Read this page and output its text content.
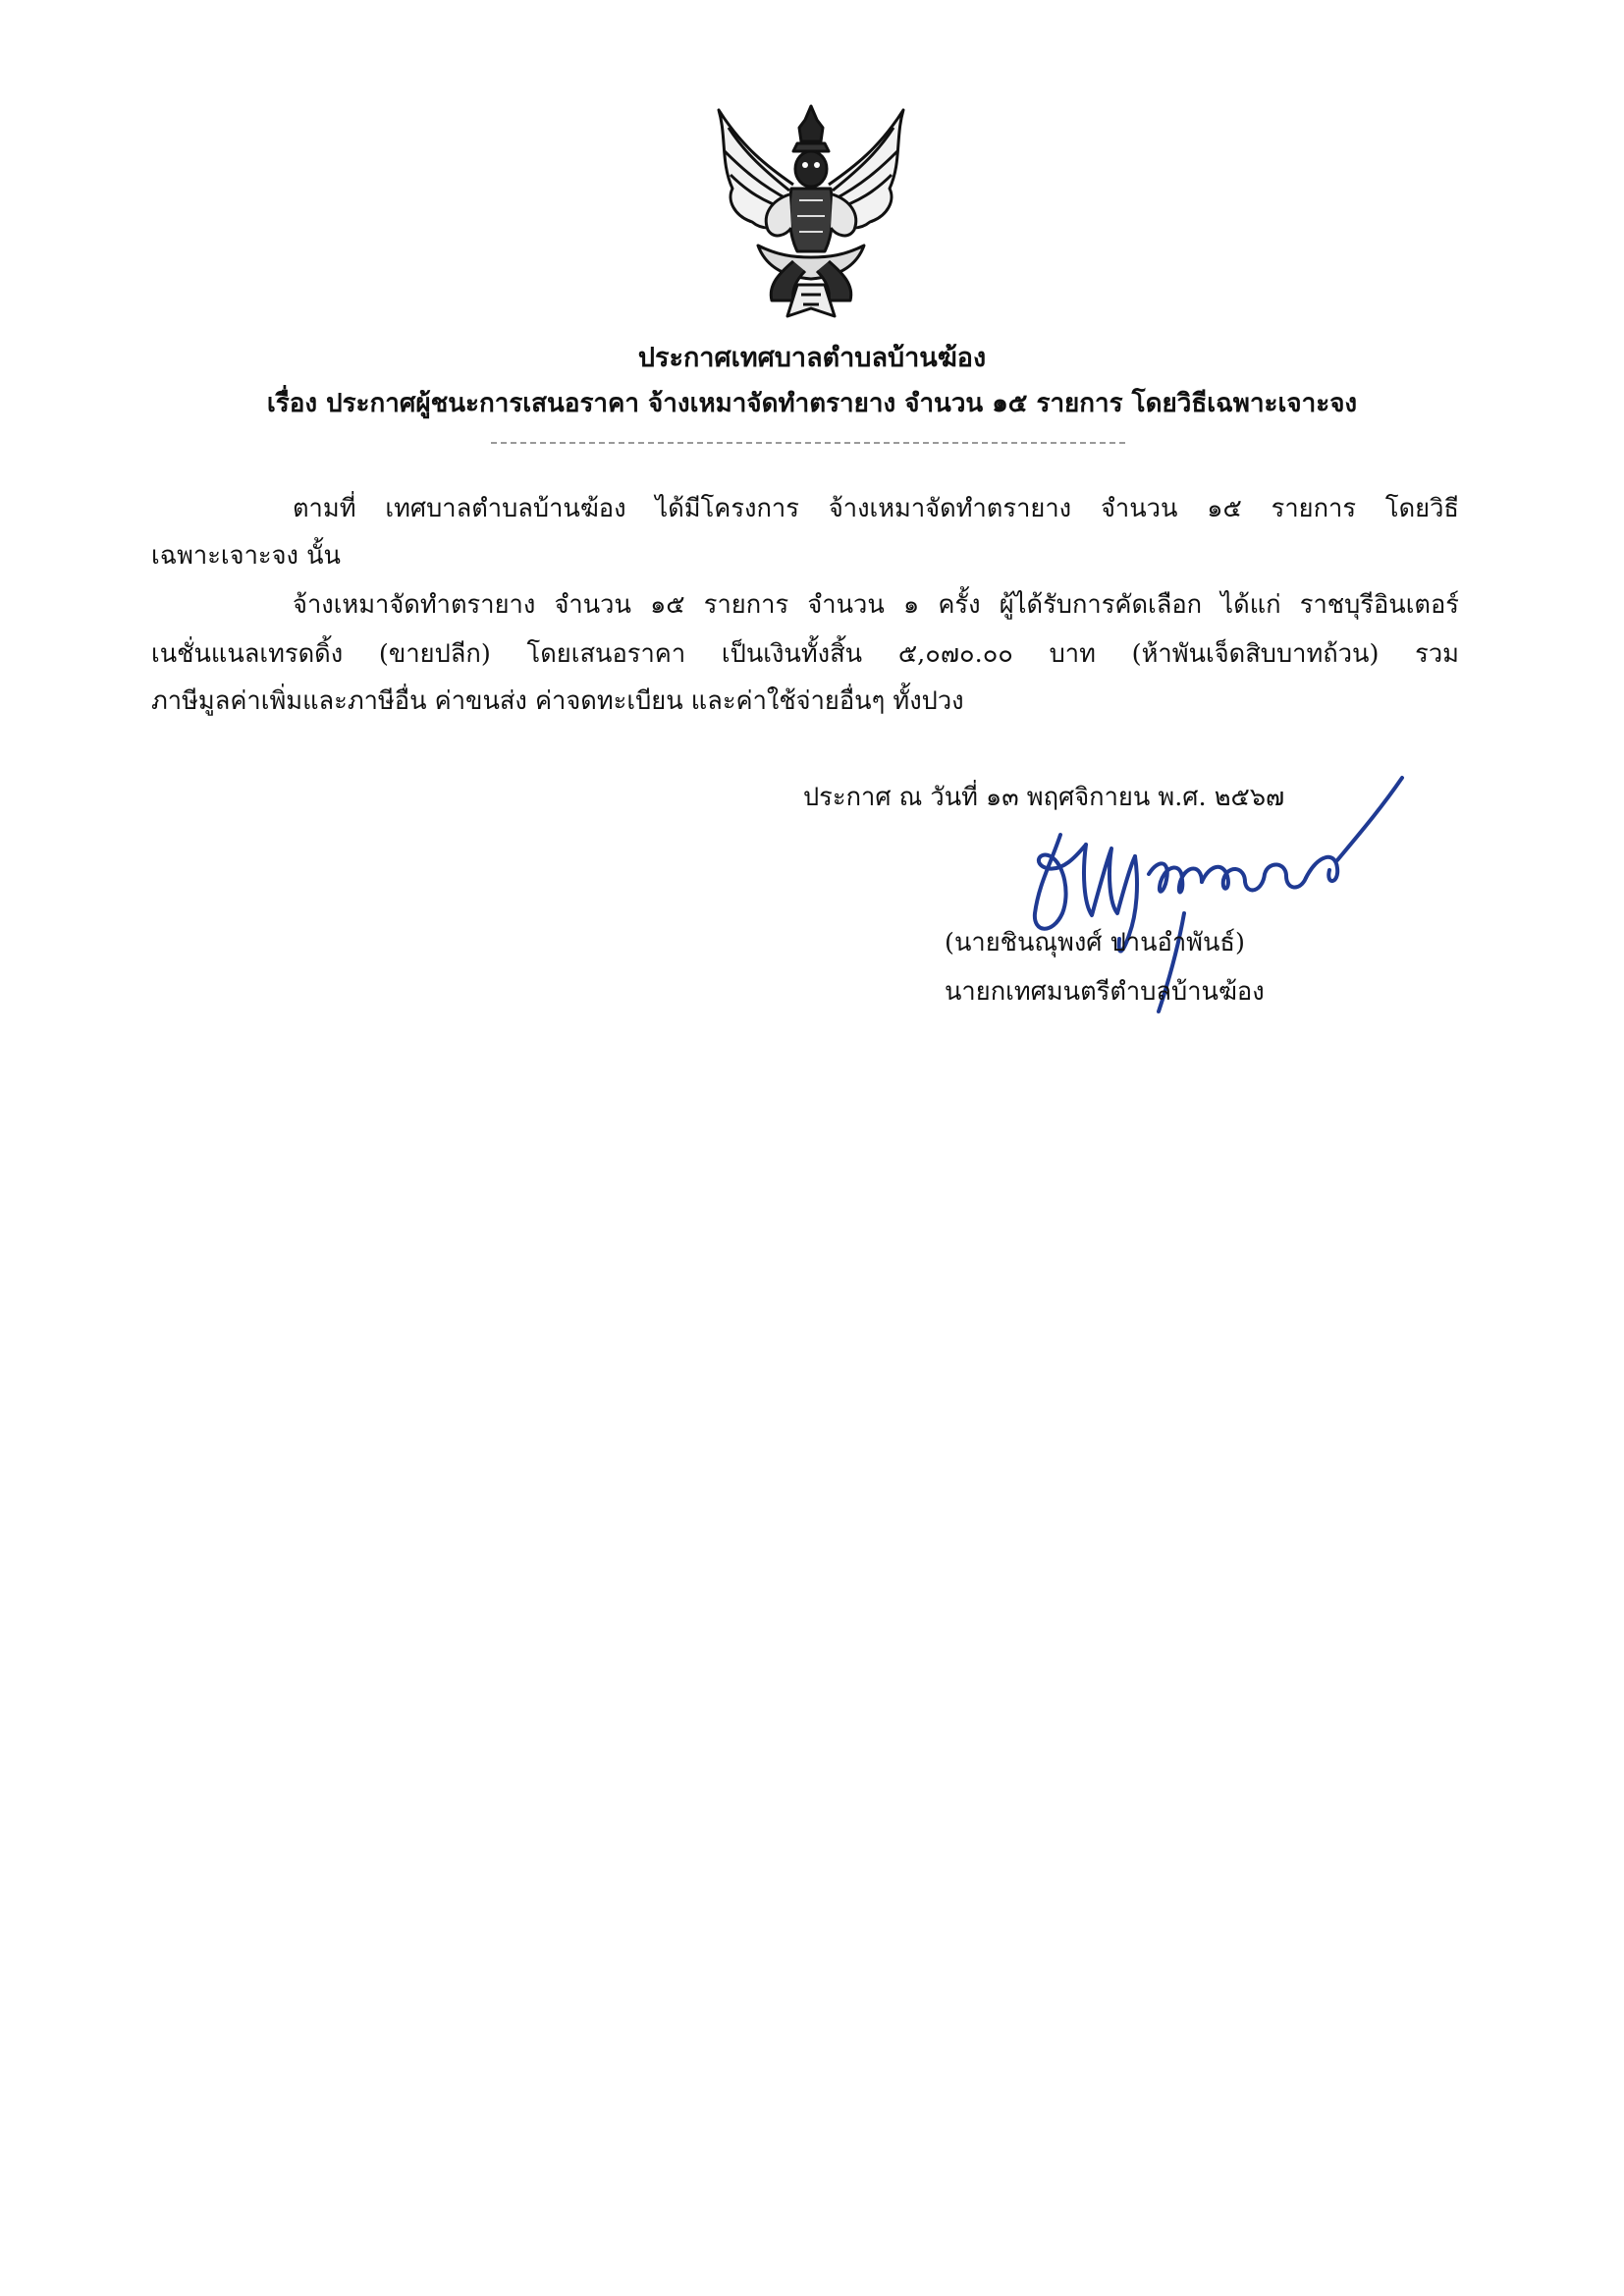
ประกาศเทศบาลตำบลบ้านฆ้อง
เรื่อง ประกาศผู้ชนะการเสนอราคา จ้างเหมาจัดทำตรายาง จำนวน ๑๕ รายการ โดยวิธีเฉพาะเจาะจง
ตามที่ เทศบาลตำบลบ้านฆ้อง ได้มีโครงการ จ้างเหมาจัดทำตรายาง จำนวน ๑๕ รายการ โดยวิธี
เฉพาะเจาะจง นั้น
จ้างเหมาจัดทำตรายาง จำนวน ๑๕ รายการ จำนวน ๑ ครั้ง ผู้ได้รับการคัดเลือก ได้แก่ ราชบุรีอินเตอร์
เนชั่นแนลเทรดดิ้ง (ขายปลีก) โดยเสนอราคา เป็นเงินทั้งสิ้น ๕,๐๗๐.๐๐ บาท (ห้าพันเจ็ดสิบบาทถ้วน) รวม
ภาษีมูลค่าเพิ่มและภาษีอื่น ค่าขนส่ง ค่าจดทะเบียน และค่าใช้จ่ายอื่นๆ ทั้งปวง
ประกาศ ณ วันที่ ๑๓ พฤศจิกายน พ.ศ. ๒๕๖๗
(นายชินณุพงศ์ ปานอำพันธ์)
นายกเทศมนตรีตำบลบ้านฆ้อง
